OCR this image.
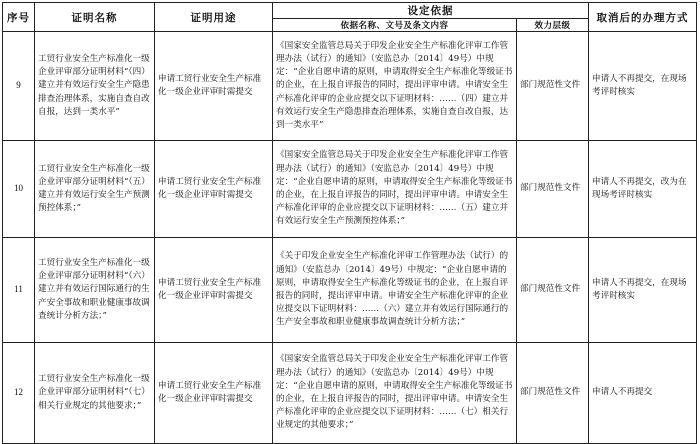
序号	证明名称	证明用途	设定依据		取消后的办理方式
			依据名称、文号及条文内容	效力层级	
9	工贸行业安全生产标准化一级企业评审部分证明材料“（四）建立并有效运行安全生产隐患排查治理体系，实施自查自改自报，达到一类水平”	申请工贸行业安全生产标准化一级企业评审时需提交	《国家安全监管总局关于印发企业安全生产标准化评审工作管理办法（试行）的通知》（安监总办〔2014〕49号）中规定：“企业自愿申请的原则，申请取得安全生产标准化等级证书的企业，在上报自评报告的同时，提出评审申请。申请安全生产标准化评审的企业应提交以下证明材料：……（四）建立并有效运行安全生产隐患排查治理体系，实施自查自改自报，达到一类水平”	部门规范性文件	申请人不再提交，在现场考评时核实
10	工贸行业安全生产标准化一级企业评审部分证明材料“（五）建立并有效运行安全生产预测预控体系；”	申请工贸行业安全生产标准化一级企业评审时需提交	《国家安全监管总局关于印发企业安全生产标准化评审工作管理办法（试行）的通知》（安监总办〔2014〕49号）中规定：“企业自愿申请的原则，申请取得安全生产标准化等级证书的企业，在上报自评报告的同时，提出评审申请。申请安全生产标准化评审的企业应提交以下证明材料：……（五）建立并有效运行安全生产预测预控体系；”	部门规范性文件	申请人不再提交，改为在现场考评时核实
11	工贸行业安全生产标准化一级企业评审部分证明材料“（六）建立并有效运行国际通行的生产安全事故和职业健康事故调查统计分析方法；”	申请工贸行业安全生产标准化一级企业评审时需提交	《关于印发企业安全生产标准化评审工作管理办法（试行）的通知》（安监总办〔2014〕49号）中规定：“企业自愿申请的原则，申请取得安全生产标准化等级证书的企业，在上报自评报告的同时，提出评审申请。申请安全生产标准化评审的企业应提交以下证明材料：……（六）建立并有效运行国际通行的生产安全事故和职业健康事故调查统计分析方法；”	部门规范性文件	申请人不再提交，在现场考评时核实
12	工贸行业安全生产标准化一级企业评审部分证明材料“（七）相关行业规定的其他要求；”	申请工贸行业安全生产标准化一级企业评审时需提交	《国家安全监管总局关于印发企业安全生产标准化评审工作管理办法（试行）的通知》（安监总办〔2014〕49号）中规定：“企业自愿申请的原则，申请取得安全生产标准化等级证书的企业，在上报自评报告的同时，提出评审申请。申请安全生产标准化评审的企业应提交以下证明材料：……（七）相关行业规定的其他要求；”	部门规范性文件	申请人不再提交
